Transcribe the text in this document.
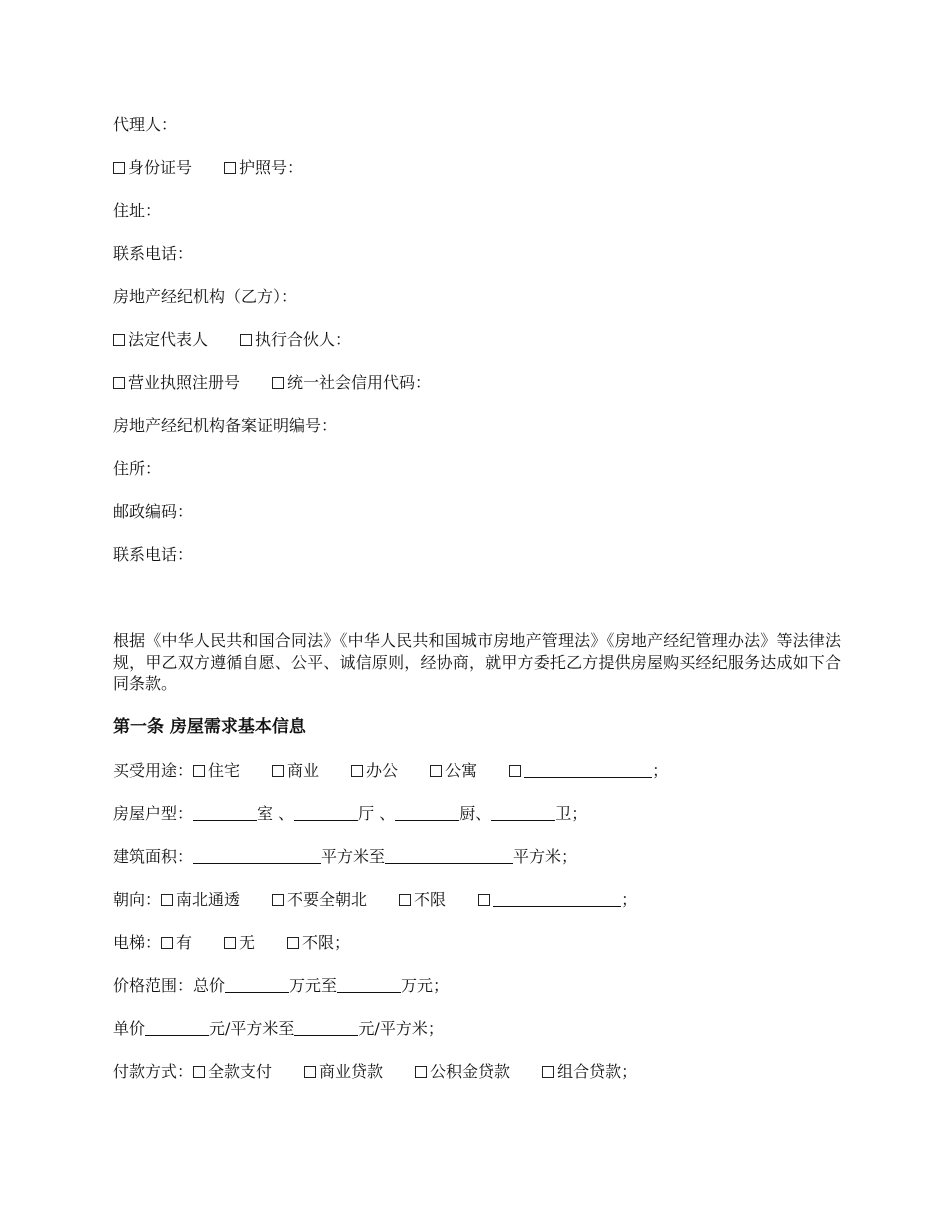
代理人：
身份证号	护照号：
住址：
联系电话：
房地产经纪机构（乙方）：
法定代表人	执行合伙人：
营业执照注册号	统一社会信用代码：
房地产经纪机构备案证明编号：
住所：
邮政编码：
联系电话：
根据《中华人民共和国合同法》《中华人民共和国城市房地产管理法》《房地产经纪管理办法》等法律法规，甲乙双方遵循自愿、公平、诚信原则，经协商，就甲方委托乙方提供房屋购买经纪服务达成如下合同条款。
第一条 房屋需求基本信息
买受用途： 住宅	商业	办公	公寓	；
房屋户型：	室 、	厅 、	厨、	卫；
建筑面积：	平方米至	平方米；
朝向： 南北通透	不要全朝北	不限	；
电梯： 有	无	不限；
价格范围：总价	万元至	万元；
单价	元/平方米至	元/平方米；
付款方式： 全款支付	商业贷款	公积金贷款	组合贷款；
